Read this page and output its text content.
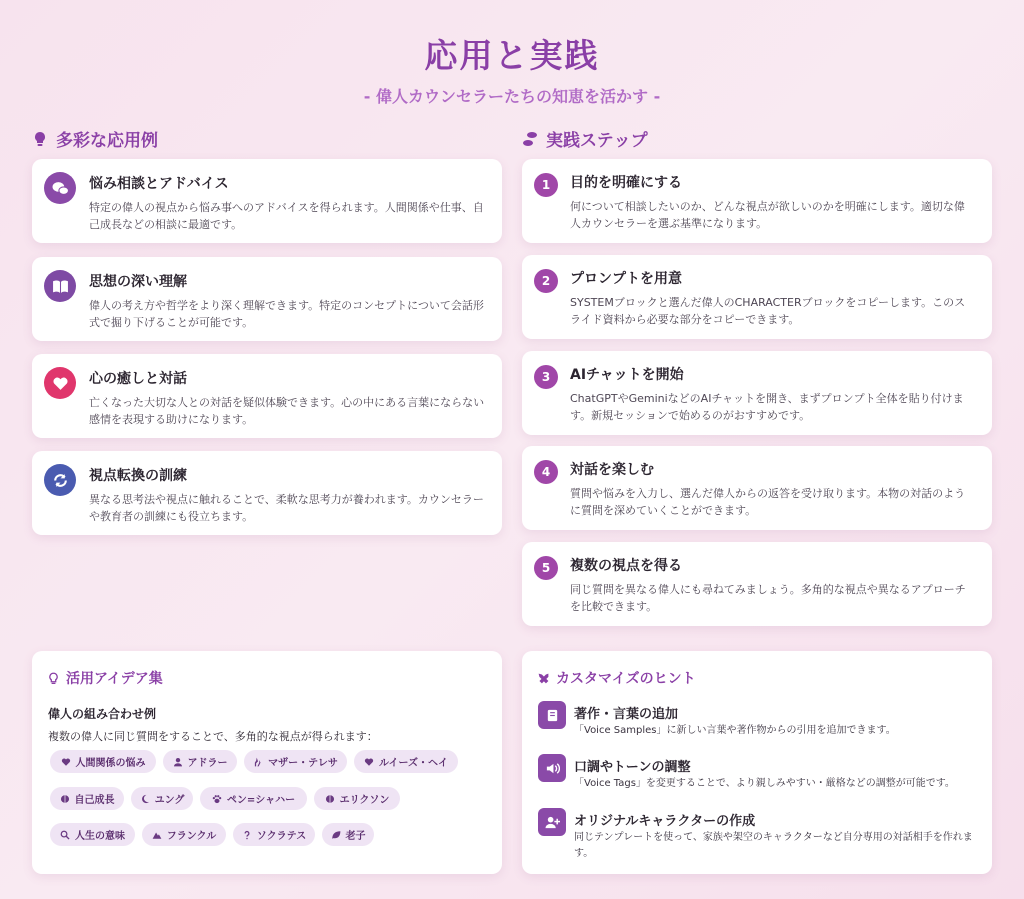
応用と実践
- 偉人カウンセラーたちの知恵を活かす -
多彩な応用例	実践ステップ
悩み相談とアドバイス
特定の偉人の視点から悩み事へのアドバイスを得られます。人間関係や仕事、自己成長などの相談に最適です。
思想の深い理解
偉人の考え方や哲学をより深く理解できます。特定のコンセプトについて会話形式で掘り下げることが可能です。
心の癒しと対話
亡くなった大切な人との対話を疑似体験できます。心の中にある言葉にならない感情を表現する助けになります。
視点転換の訓練
異なる思考法や視点に触れることで、柔軟な思考力が養われます。カウンセラーや教育者の訓練にも役立ちます。
1	目的を明確にする
何について相談したいのか、どんな視点が欲しいのかを明確にします。適切な偉人カウンセラーを選ぶ基準になります。
2	プロンプトを用意
SYSTEMブロックと選んだ偉人のCHARACTERブロックをコピーします。このスライド資料から必要な部分をコピーできます。
3	AIチャットを開始
ChatGPTやGeminiなどのAIチャットを開き、まずプロンプト全体を貼り付けます。新規セッションで始めるのがおすすめです。
4	対話を楽しむ
質問や悩みを入力し、選んだ偉人からの返答を受け取ります。本物の対話のように質問を深めていくことができます。
5	複数の視点を得る
同じ質問を異なる偉人にも尋ねてみましょう。多角的な視点や異なるアプローチを比較できます。
活用アイデア集
偉人の組み合わせ例
複数の偉人に同じ質問をすることで、多角的な視点が得られます：
人間関係の悩み	アドラー	マザー・テレサ	ルイーズ・ヘイ
自己成長	ユング	ペン=シャハー	エリクソン
人生の意味	フランクル	ソクラテス	老子
カスタマイズのヒント
著作・言葉の追加
「Voice Samples」に新しい言葉や著作物からの引用を追加できます。
口調やトーンの調整
「Voice Tags」を変更することで、より親しみやすい・厳格などの調整が可能です。
オリジナルキャラクターの作成
同じテンプレートを使って、家族や架空のキャラクターなど自分専用の対話相手を作れます。
